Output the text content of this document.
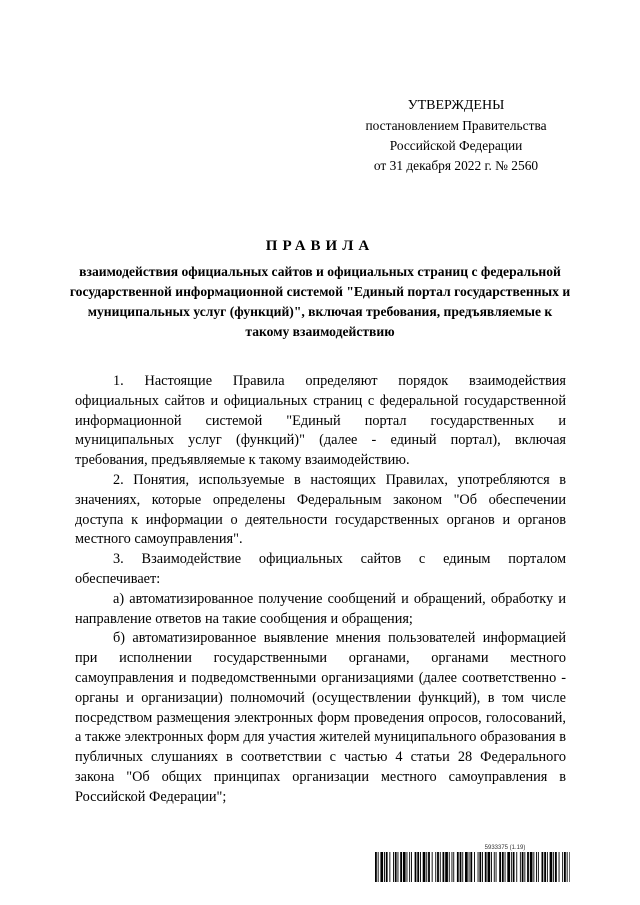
УТВЕРЖДЕНЫ
постановлением Правительства
Российской Федерации
от 31 декабря 2022 г. № 2560
ПРАВИЛА
взаимодействия официальных сайтов и официальных страниц с федеральной государственной информационной системой "Единый портал государственных и муниципальных услуг (функций)", включая требования, предъявляемые к такому взаимодействию

1. Настоящие Правила определяют порядок взаимодействия официальных сайтов и официальных страниц с федеральной государственной информационной системой "Единый портал государственных и муниципальных услуг (функций)" (далее - единый портал), включая требования, предъявляемые к такому взаимодействию.

2. Понятия, используемые в настоящих Правилах, употребляются в значениях, которые определены Федеральным законом "Об обеспечении доступа к информации о деятельности государственных органов и органов местного самоуправления".

3. Взаимодействие официальных сайтов с единым порталом обеспечивает:

а) автоматизированное получение сообщений и обращений, обработку и направление ответов на такие сообщения и обращения;

б) автоматизированное выявление мнения пользователей информацией при исполнении государственными органами, органами местного самоуправления и подведомственными организациями (далее соответственно - органы и организации) полномочий (осуществлении функций), в том числе посредством размещения электронных форм проведения опросов, голосований, а также электронных форм для участия жителей муниципального образования в публичных слушаниях в соответствии с частью 4 статьи 28 Федерального закона "Об общих принципах организации местного самоуправления в Российской Федерации";

5933375 (1.19)
